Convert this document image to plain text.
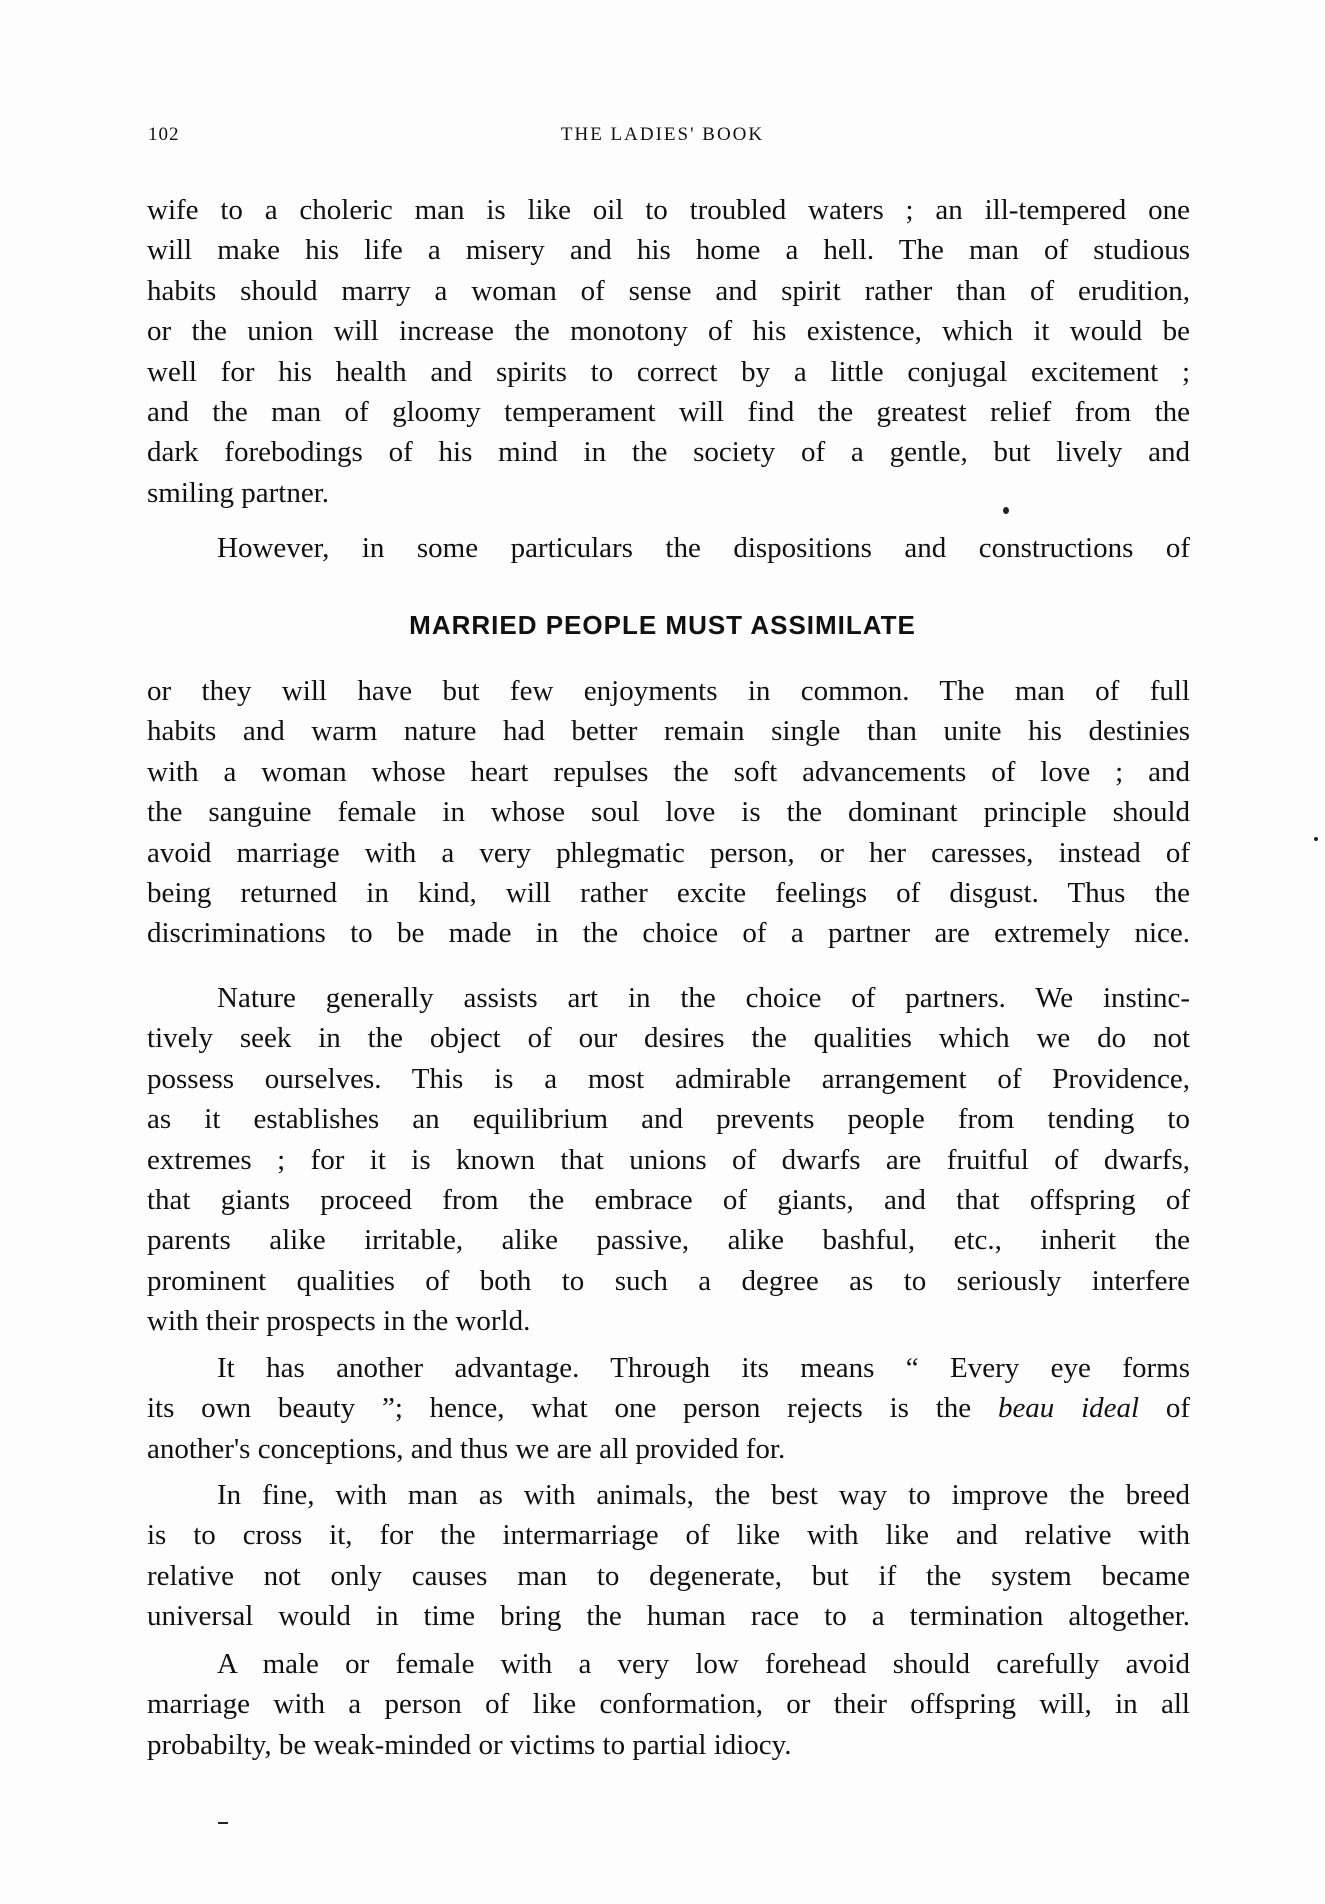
102	THE LADIES' BOOK
MARRIED PEOPLE MUST ASSIMILATE
wife to a choleric man is like oil to troubled waters ; an ill-tempered one
will make his life a misery and his home a hell. The man of studious
habits should marry a woman of sense and spirit rather than of erudition,
or the union will increase the monotony of his existence, which it would be
well for his health and spirits to correct by a little conjugal excitement ;
and the man of gloomy temperament will find the greatest relief from the
dark forebodings of his mind in the society of a gentle, but lively and
smiling partner.
However, in some particulars the dispositions and constructions of
or they will have but few enjoyments in common. The man of full
habits and warm nature had better remain single than unite his destinies
with a woman whose heart repulses the soft advancements of love ; and
the sanguine female in whose soul love is the dominant principle should
avoid marriage with a very phlegmatic person, or her caresses, instead of
being returned in kind, will rather excite feelings of disgust. Thus the
discriminations to be made in the choice of a partner are extremely nice.
Nature generally assists art in the choice of partners. We instinc-
tively seek in the object of our desires the qualities which we do not
possess ourselves. This is a most admirable arrangement of Providence,
as it establishes an equilibrium and prevents people from tending to
extremes ; for it is known that unions of dwarfs are fruitful of dwarfs,
that giants proceed from the embrace of giants, and that offspring of
parents alike irritable, alike passive, alike bashful, etc., inherit the
prominent qualities of both to such a degree as to seriously interfere
with their prospects in the world.
It has another advantage. Through its means “ Every eye forms
its own beauty ”; hence, what one person rejects is the beau ideal of
another's conceptions, and thus we are all provided for.
In fine, with man as with animals, the best way to improve the breed
is to cross it, for the intermarriage of like with like and relative with
relative not only causes man to degenerate, but if the system became
universal would in time bring the human race to a termination altogether.
A male or female with a very low forehead should carefully avoid
marriage with a person of like conformation, or their offspring will, in all
probabilty, be weak-minded or victims to partial idiocy.
